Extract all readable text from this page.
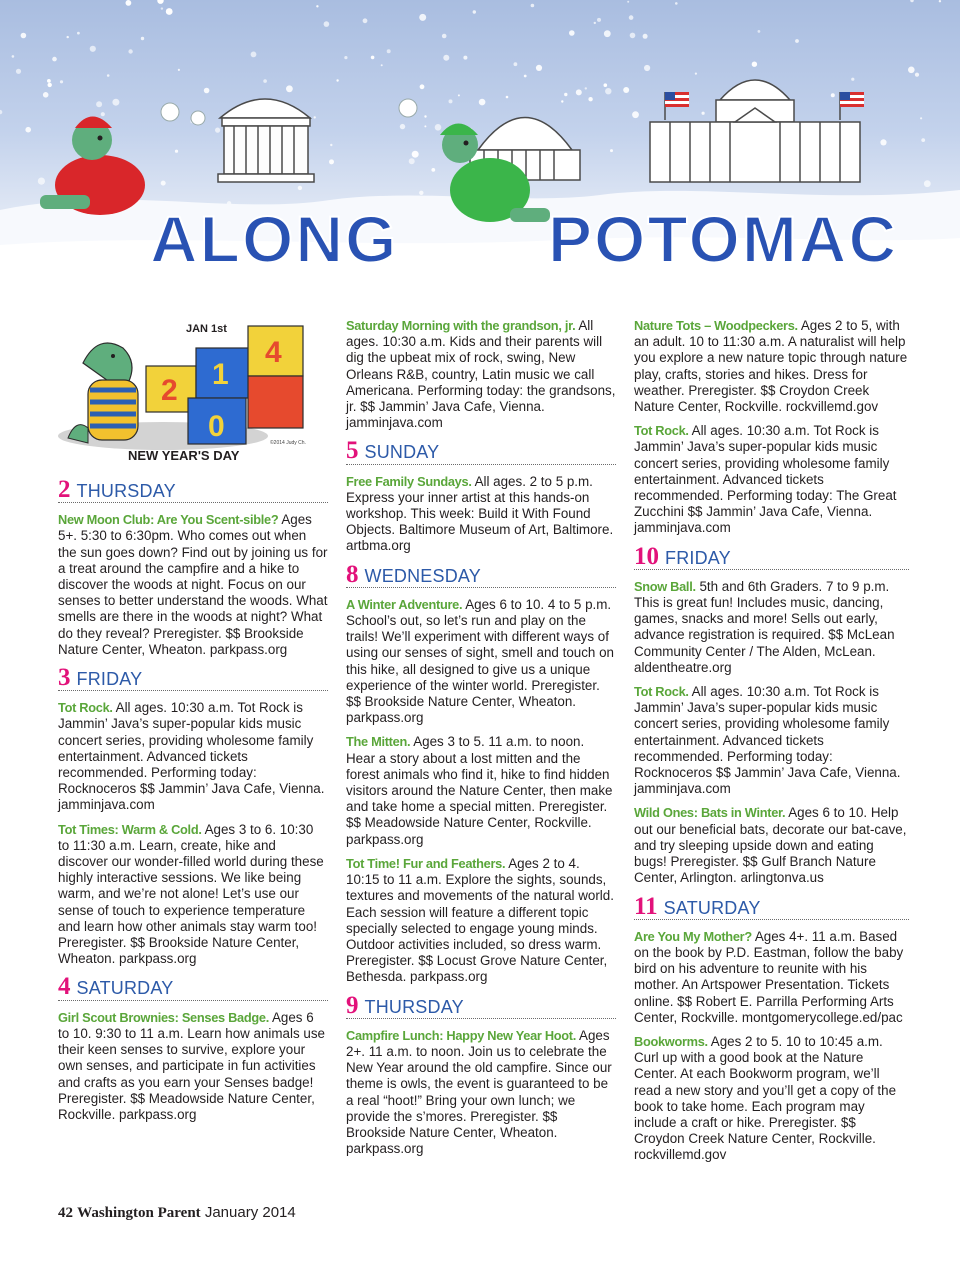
ALONG POTOMAC
2
0
1
4
JAN 1st
NEW YEAR'S DAY
©2014 Judy Ch.
2 THURSDAY
New Moon Club: Are You Scent-sible? Ages 5+. 5:30 to 6:30pm. Who comes out when the sun goes down? Find out by joining us for a treat around the campfire and a hike to discover the woods at night. Focus on our senses to better understand the woods. What smells are there in the woods at night? What do they reveal? Preregister. $$ Brookside Nature Center, Wheaton. parkpass.org
3 FRIDAY
Tot Rock. All ages. 10:30 a.m. Tot Rock is Jammin’ Java’s super-popular kids music concert series, providing wholesome family entertainment. Advanced tickets recommended. Performing today: Rocknoceros $$ Jammin’ Java Cafe, Vienna. jamminjava.com
Tot Times: Warm & Cold. Ages 3 to 6. 10:30 to 11:30 a.m. Learn, create, hike and discover our wonder-filled world during these highly interactive sessions. We like being warm, and we’re not alone! Let’s use our sense of touch to experience temperature and learn how other animals stay warm too! Preregister. $$ Brookside Nature Center, Wheaton. parkpass.org
4 SATURDAY
Girl Scout Brownies: Senses Badge. Ages 6 to 10. 9:30 to 11 a.m. Learn how animals use their keen senses to survive, explore your own senses, and participate in fun activities and crafts as you earn your Senses badge! Preregister. $$ Meadowside Nature Center, Rockville. parkpass.org
Saturday Morning with the grandson, jr. All ages. 10:30 a.m. Kids and their parents will dig the upbeat mix of rock, swing, New Orleans R&B, country, Latin music we call Americana. Performing today: the grandsons, jr. $$ Jammin’ Java Cafe, Vienna. jamminjava.com
5 SUNDAY
Free Family Sundays. All ages. 2 to 5 p.m. Express your inner artist at this hands-on workshop. This week: Build it With Found Objects. Baltimore Museum of Art, Baltimore. artbma.org
8 WEDNESDAY
A Winter Adventure. Ages 6 to 10. 4 to 5 p.m. School’s out, so let’s run and play on the trails! We’ll experiment with different ways of using our senses of sight, smell and touch on this hike, all designed to give us a unique experience of the winter world. Preregister. $$ Brookside Nature Center, Wheaton. parkpass.org
The Mitten. Ages 3 to 5. 11 a.m. to noon. Hear a story about a lost mitten and the forest animals who find it, hike to find hidden visitors around the Nature Center, then make and take home a special mitten. Preregister. $$ Meadowside Nature Center, Rockville. parkpass.org
Tot Time! Fur and Feathers. Ages 2 to 4. 10:15 to 11 a.m. Explore the sights, sounds, textures and movements of the natural world. Each session will feature a different topic specially selected to engage young minds. Outdoor activities included, so dress warm. Preregister. $$ Locust Grove Nature Center, Bethesda. parkpass.org
9 THURSDAY
Campfire Lunch: Happy New Year Hoot. Ages 2+. 11 a.m. to noon. Join us to celebrate the New Year around the old campfire. Since our theme is owls, the event is guaranteed to be a real “hoot!” Bring your own lunch; we provide the s’mores. Preregister. $$ Brookside Nature Center, Wheaton. parkpass.org
Nature Tots – Woodpeckers. Ages 2 to 5, with an adult. 10 to 11:30 a.m. A naturalist will help you explore a new nature topic through nature play, crafts, stories and hikes. Dress for weather. Preregister. $$ Croydon Creek Nature Center, Rockville. rockvillemd.gov
Tot Rock. All ages. 10:30 a.m. Tot Rock is Jammin’ Java’s super-popular kids music concert series, providing wholesome family entertainment. Advanced tickets recommended. Performing today: The Great Zucchini $$ Jammin’ Java Cafe, Vienna. jamminjava.com
10 FRIDAY
Snow Ball. 5th and 6th Graders. 7 to 9 p.m. This is great fun! Includes music, dancing, games, snacks and more! Sells out early, advance registration is required. $$ McLean Community Center / The Alden, McLean. aldentheatre.org
Tot Rock. All ages. 10:30 a.m. Tot Rock is Jammin’ Java’s super-popular kids music concert series, providing wholesome family entertainment. Advanced tickets recommended. Performing today: Rocknoceros $$ Jammin’ Java Cafe, Vienna. jamminjava.com
Wild Ones: Bats in Winter. Ages 6 to 10. Help out our beneficial bats, decorate our bat-cave, and try sleeping upside down and eating bugs! Preregister. $$ Gulf Branch Nature Center, Arlington. arlingtonva.us
11 SATURDAY
Are You My Mother? Ages 4+. 11 a.m. Based on the book by P.D. Eastman, follow the baby bird on his adventure to reunite with his mother. An Artspower Presentation. Tickets online. $$ Robert E. Parrilla Performing Arts Center, Rockville. montgomerycollege.ed/pac
Bookworms. Ages 2 to 5. 10 to 10:45 a.m. Curl up with a good book at the Nature Center. At each Bookworm program, we’ll read a new story and you’ll get a copy of the book to take home. Each program may include a craft or hike. Preregister. $$ Croydon Creek Nature Center, Rockville. rockvillemd.gov
42 Washington Parent January 2014
